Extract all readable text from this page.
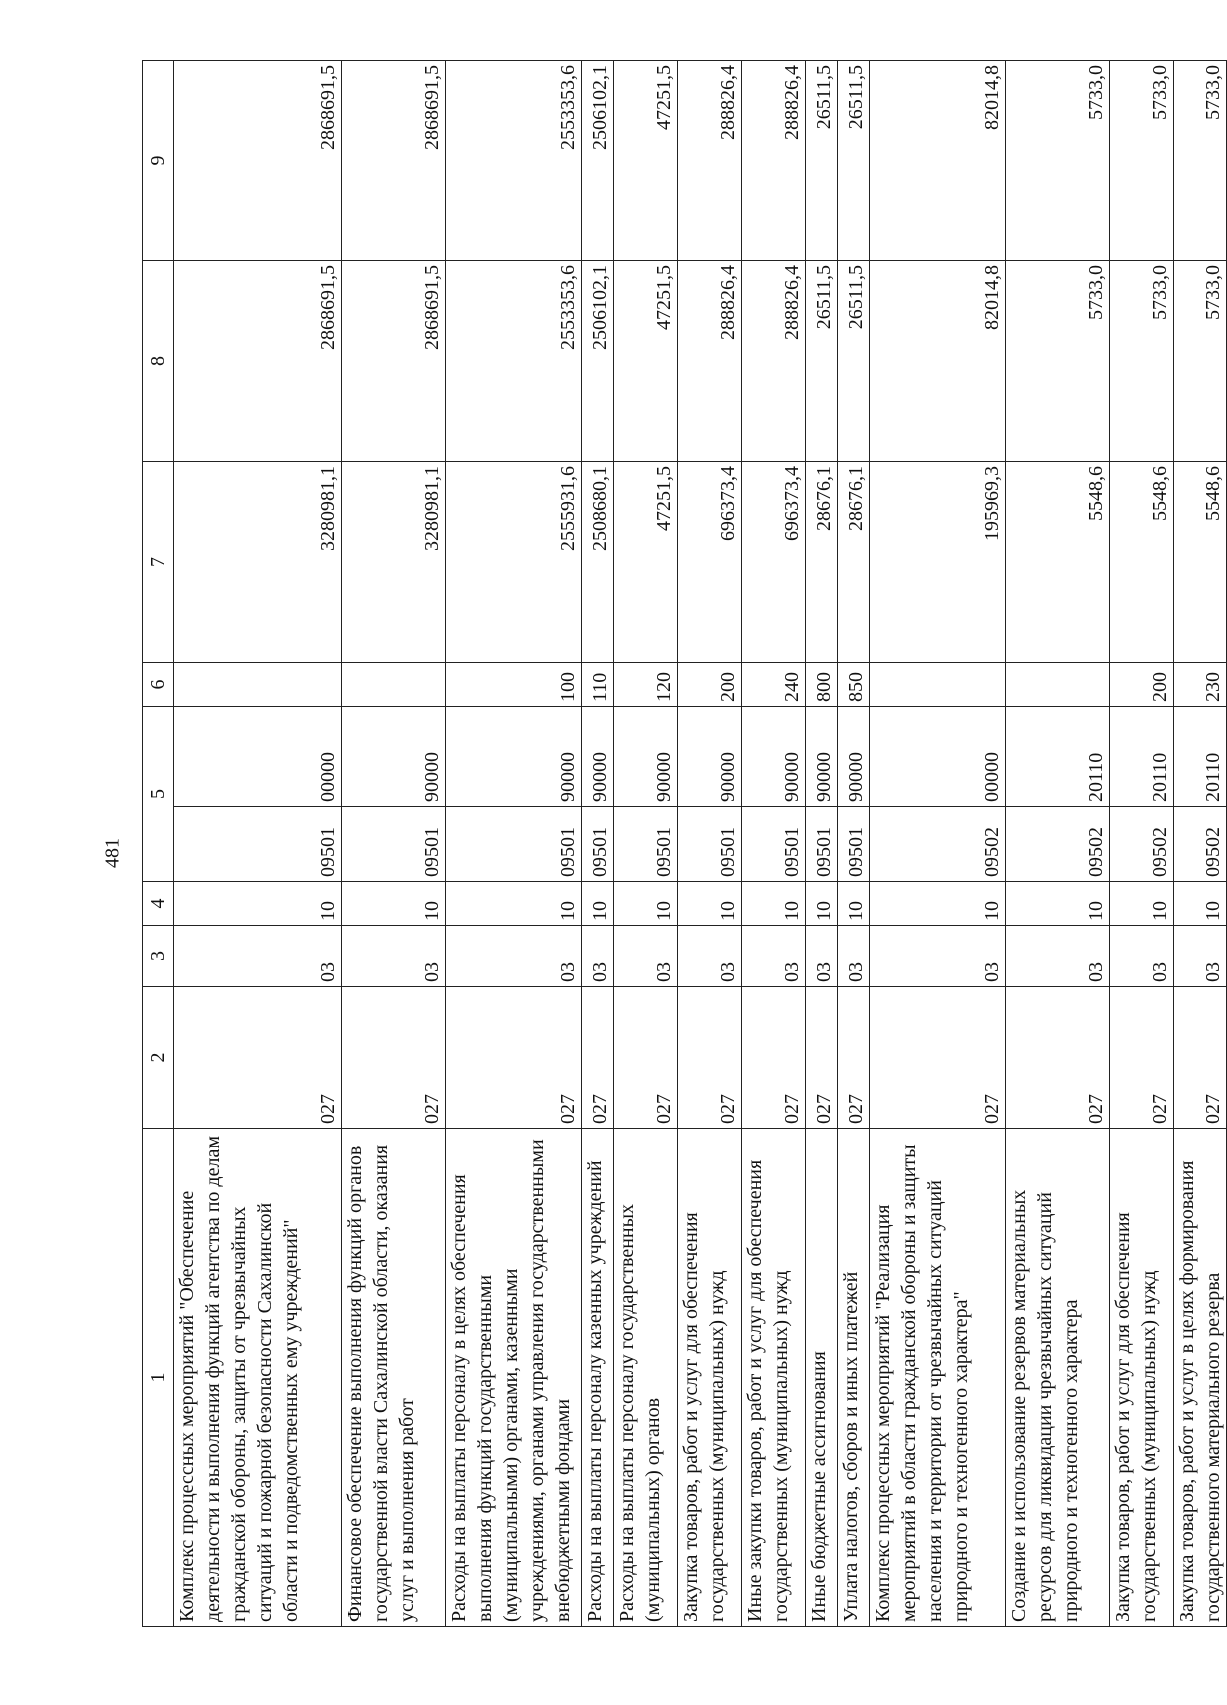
481
1	2	3	4	5		6	7	8	9
Комплекс процессных мероприятий "Обеспечение деятельности и выполнения функций агентства по делам гражданской обороны, защиты от чрезвычайных ситуаций и пожарной безопасности Сахалинской области и подведомственных ему учреждений"	027	03	10	09501	00000		3280981,1	2868691,5	2868691,5
Финансовое обеспечение выполнения функций органов государственной власти Сахалинской области, оказания услуг и выполнения работ	027	03	10	09501	90000		3280981,1	2868691,5	2868691,5
Расходы на выплаты персоналу в целях обеспечения выполнения функций государственными (муниципальными) органами, казенными учреждениями, органами управления государственными внебюджетными фондами	027	03	10	09501	90000	100	2555931,6	2553353,6	2553353,6
Расходы на выплаты персоналу казенных учреждений	027	03	10	09501	90000	110	2508680,1	2506102,1	2506102,1
Расходы на выплаты персоналу государственных (муниципальных) органов	027	03	10	09501	90000	120	47251,5	47251,5	47251,5
Закупка товаров, работ и услуг для обеспечения государственных (муниципальных) нужд	027	03	10	09501	90000	200	696373,4	288826,4	288826,4
Иные закупки товаров, работ и услуг для обеспечения государственных (муниципальных) нужд	027	03	10	09501	90000	240	696373,4	288826,4	288826,4
Иные бюджетные ассигнования	027	03	10	09501	90000	800	28676,1	26511,5	26511,5
Уплата налогов, сборов и иных платежей	027	03	10	09501	90000	850	28676,1	26511,5	26511,5
Комплекс процессных мероприятий "Реализация мероприятий в области гражданской обороны и защиты населения и территории от чрезвычайных ситуаций природного и техногенного характера"	027	03	10	09502	00000		195969,3	82014,8	82014,8
Создание и использование резервов материальных ресурсов для ликвидации чрезвычайных ситуаций природного и техногенного характера	027	03	10	09502	20110		5548,6	5733,0	5733,0
Закупка товаров, работ и услуг для обеспечения государственных (муниципальных) нужд	027	03	10	09502	20110	200	5548,6	5733,0	5733,0
Закупка товаров, работ и услуг в целях формирования государственного материального резерва	027	03	10	09502	20110	230	5548,6	5733,0	5733,0
